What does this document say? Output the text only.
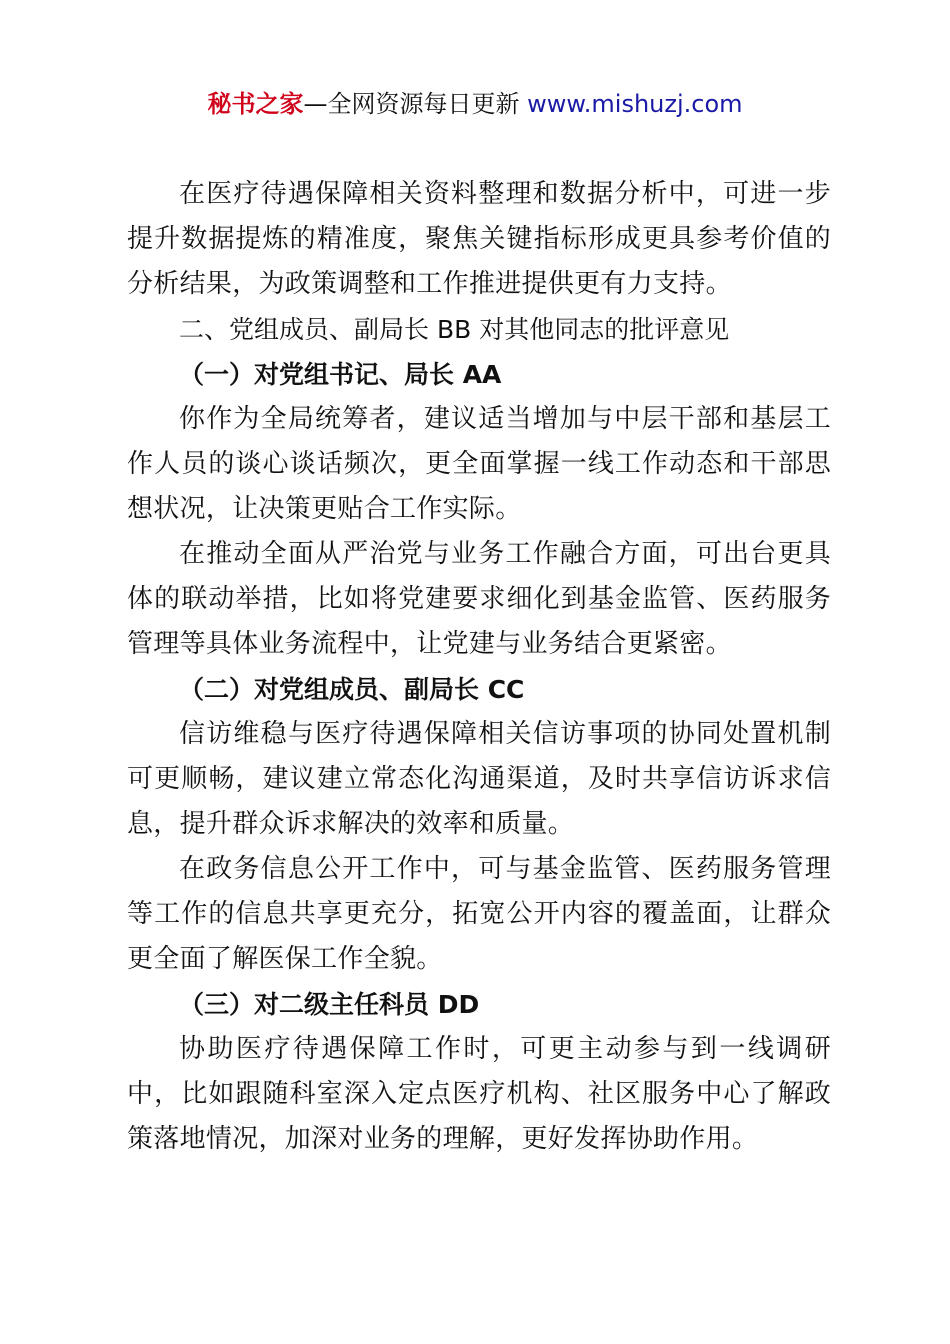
秘书之家—全网资源每日更新 www.mishuzj.com

在医疗待遇保障相关资料整理和数据分析中，可进一步提升数据提炼的精准度，聚焦关键指标形成更具参考价值的分析结果，为政策调整和工作推进提供更有力支持。

二、党组成员、副局长 BB 对其他同志的批评意见

（一）对党组书记、局长 AA

你作为全局统筹者，建议适当增加与中层干部和基层工作人员的谈心谈话频次，更全面掌握一线工作动态和干部思想状况，让决策更贴合工作实际。

在推动全面从严治党与业务工作融合方面，可出台更具体的联动举措，比如将党建要求细化到基金监管、医药服务管理等具体业务流程中，让党建与业务结合更紧密。

（二）对党组成员、副局长 CC

信访维稳与医疗待遇保障相关信访事项的协同处置机制可更顺畅，建议建立常态化沟通渠道，及时共享信访诉求信息，提升群众诉求解决的效率和质量。

在政务信息公开工作中，可与基金监管、医药服务管理等工作的信息共享更充分，拓宽公开内容的覆盖面，让群众更全面了解医保工作全貌。

（三）对二级主任科员 DD

协助医疗待遇保障工作时，可更主动参与到一线调研中，比如跟随科室深入定点医疗机构、社区服务中心了解政策落地情况，加深对业务的理解，更好发挥协助作用。
